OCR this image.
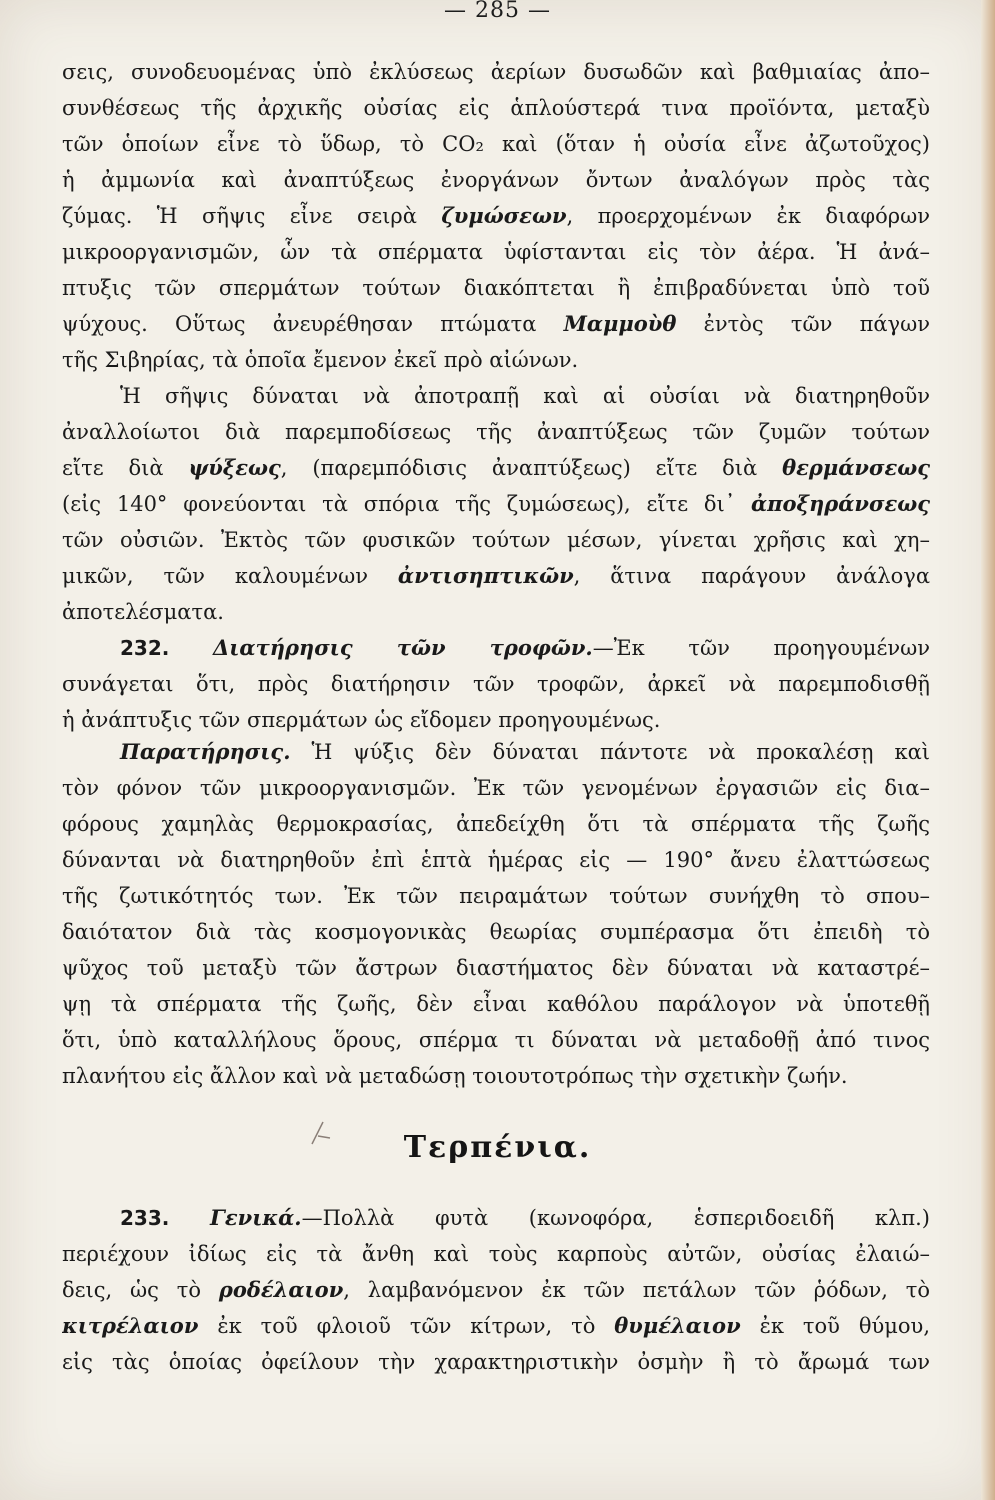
— 285 —
σεις, συνοδευομένας ὑπὸ ἐκλύσεως ἀερίων δυσωδῶν καὶ βαθμιαίας ἀπο–
συνθέσεως τῆς ἀρχικῆς οὐσίας εἰς ἁπλούστερά τινα προϊόντα, μεταξὺ
τῶν ὁποίων εἶνε τὸ ὕδωρ, τὸ CO₂ καὶ (ὅταν ἡ οὐσία εἶνε ἀζωτοῦχος)
ἡ ἀμμωνία καὶ ἀναπτύξεως ἐνοργάνων ὄντων ἀναλόγων πρὸς τὰς
ζύμας. Ἡ σῆψις εἶνε σειρὰ ζυμώσεων, προερχομένων ἐκ διαφόρων
μικροοργανισμῶν, ὧν τὰ σπέρματα ὑφίστανται εἰς τὸν ἀέρα. Ἡ ἀνά–
πτυξις τῶν σπερμάτων τούτων διακόπτεται ἢ ἐπιβραδύνεται ὑπὸ τοῦ
ψύχους. Οὕτως ἀνευρέθησαν πτώματα Μαμμοὺθ ἐντὸς τῶν πάγων
τῆς Σιβηρίας, τὰ ὁποῖα ἔμενον ἐκεῖ πρὸ αἰώνων.
Ἡ σῆψις δύναται νὰ ἀποτραπῇ καὶ αἱ οὐσίαι νὰ διατηρηθοῦν
ἀναλλοίωτοι διὰ παρεμποδίσεως τῆς ἀναπτύξεως τῶν ζυμῶν τούτων
εἴτε διὰ ψύξεως, (παρεμπόδισις ἀναπτύξεως) εἴτε διὰ θερμάνσεως
(εἰς 140° φονεύονται τὰ σπόρια τῆς ζυμώσεως), εἴτε δι᾿ ἀποξηράνσεως
τῶν οὐσιῶν. Ἐκτὸς τῶν φυσικῶν τούτων μέσων, γίνεται χρῆσις καὶ χη–
μικῶν, τῶν καλουμένων ἀντισηπτικῶν, ἅτινα παράγουν ἀνάλογα
ἀποτελέσματα.
232. Διατήρησις τῶν τροφῶν.—Ἐκ τῶν προηγουμένων
συνάγεται ὅτι, πρὸς διατήρησιν τῶν τροφῶν, ἀρκεῖ νὰ παρεμποδισθῇ
ἡ ἀνάπτυξις τῶν σπερμάτων ὡς εἴδομεν προηγουμένως.
Παρατήρησις. Ἡ ψύξις δὲν δύναται πάντοτε νὰ προκαλέσῃ καὶ
τὸν φόνον τῶν μικροοργανισμῶν. Ἐκ τῶν γενομένων ἐργασιῶν εἰς δια–
φόρους χαμηλὰς θερμοκρασίας, ἀπεδείχθη ὅτι τὰ σπέρματα τῆς ζωῆς
δύνανται νὰ διατηρηθοῦν ἐπὶ ἑπτὰ ἡμέρας εἰς — 190° ἄνευ ἐλαττώσεως
τῆς ζωτικότητός των. Ἐκ τῶν πειραμάτων τούτων συνήχθη τὸ σπου–
δαιότατον διὰ τὰς κοσμογονικὰς θεωρίας συμπέρασμα ὅτι ἐπειδὴ τὸ
ψῦχος τοῦ μεταξὺ τῶν ἄστρων διαστήματος δὲν δύναται νὰ καταστρέ–
ψῃ τὰ σπέρματα τῆς ζωῆς, δὲν εἶναι καθόλου παράλογον νὰ ὑποτεθῇ
ὅτι, ὑπὸ καταλλήλους ὅρους, σπέρμα τι δύναται νὰ μεταδοθῇ ἀπό τινος
πλανήτου εἰς ἄλλον καὶ νὰ μεταδώσῃ τοιουτοτρόπως τὴν σχετικὴν ζωήν.
Τερπένια.
233. Γενικά.—Πολλὰ φυτὰ (κωνοφόρα, ἑσπεριδοειδῆ κλπ.)
περιέχουν ἰδίως εἰς τὰ ἄνθη καὶ τοὺς καρποὺς αὐτῶν, οὐσίας ἐλαιώ–
δεις, ὡς τὸ ροδέλαιον, λαμβανόμενον ἐκ τῶν πετάλων τῶν ῥόδων, τὸ
κιτρέλαιον ἐκ τοῦ φλοιοῦ τῶν κίτρων, τὸ θυμέλαιον ἐκ τοῦ θύμου,
εἰς τὰς ὁποίας ὀφείλουν τὴν χαρακτηριστικὴν ὀσμὴν ἢ τὸ ἄρωμά των
